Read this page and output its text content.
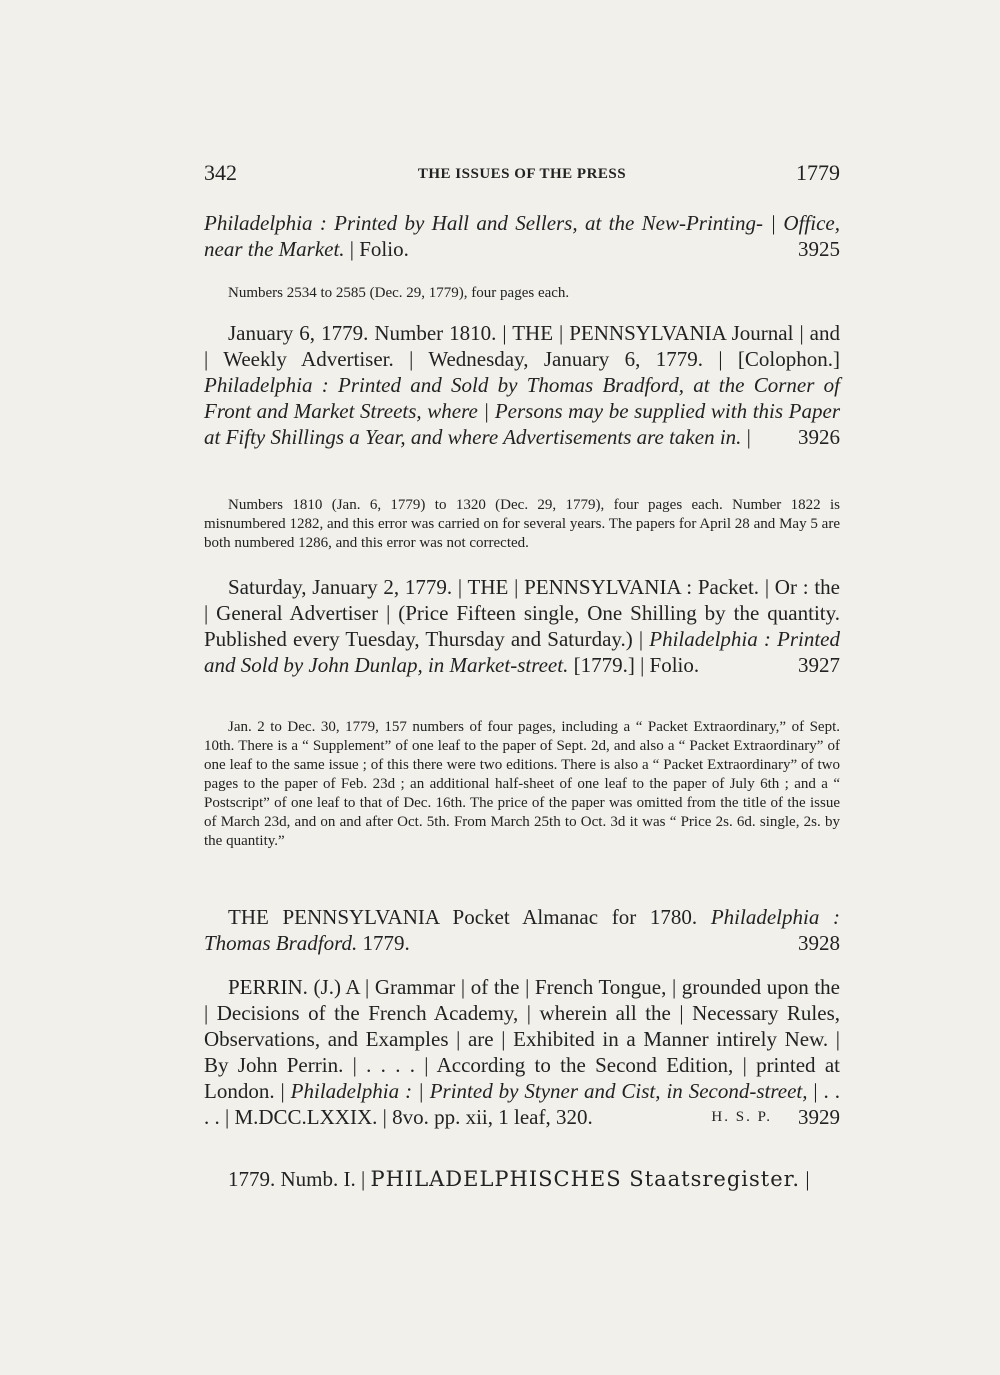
342	THE ISSUES OF THE PRESS	1779
Philadelphia : Printed by Hall and Sellers, at the New-Printing- | Office, near the Market. | Folio.	3925
Numbers 2534 to 2585 (Dec. 29, 1779), four pages each.
January 6, 1779. Number 1810. | THE | PENNSYLVANIA Journal | and | Weekly Advertiser. | Wednesday, January 6, 1779. | [Colophon.] Philadelphia : Printed and Sold by Thomas Bradford, at the Corner of Front and Market Streets, where | Persons may be supplied with this Paper at Fifty Shillings a Year, and where Advertisements are taken in. | 3926
Numbers 1810 (Jan. 6, 1779) to 1320 (Dec. 29, 1779), four pages each. Number 1822 is misnumbered 1282, and this error was carried on for several years. The papers for April 28 and May 5 are both numbered 1286, and this error was not corrected.
Saturday, January 2, 1779. | THE | PENNSYLVANIA : Packet. | Or : the | General Advertiser | (Price Fifteen single, One Shilling by the quantity. Published every Tuesday, Thursday and Saturday.) | Philadelphia : Printed and Sold by John Dunlap, in Market-street. [1779.] | Folio.	3927
Jan. 2 to Dec. 30, 1779, 157 numbers of four pages, including a “ Packet Extraordinary,” of Sept. 10th. There is a “ Supplement” of one leaf to the paper of Sept. 2d, and also a “ Packet Extraordinary” of one leaf to the same issue ; of this there were two editions. There is also a “ Packet Extraordinary” of two pages to the paper of Feb. 23d ; an additional half-sheet of one leaf to the paper of July 6th ; and a “ Postscript” of one leaf to that of Dec. 16th. The price of the paper was omitted from the title of the issue of March 23d, and on and after Oct. 5th. From March 25th to Oct. 3d it was “ Price 2s. 6d. single, 2s. by the quantity.”
THE PENNSYLVANIA Pocket Almanac for 1780. Philadelphia : Thomas Bradford. 1779.	3928
PERRIN. (J.) A | Grammar | of the | French Tongue, | grounded upon the | Decisions of the French Academy, | wherein all the | Necessary Rules, Observations, and Examples | are | Exhibited in a Manner intirely New. | By John Perrin. | . . . . | According to the Second Edition, | printed at London. | Philadelphia : | Printed by Styner and Cist, in Second-street, | . . . . | M.DCC.LXXIX. | 8vo. pp. xii, 1 leaf, 320.	3929
H. S. P.
1779. Numb. I. | PHILADELPHISCHES Staatsregister. |
